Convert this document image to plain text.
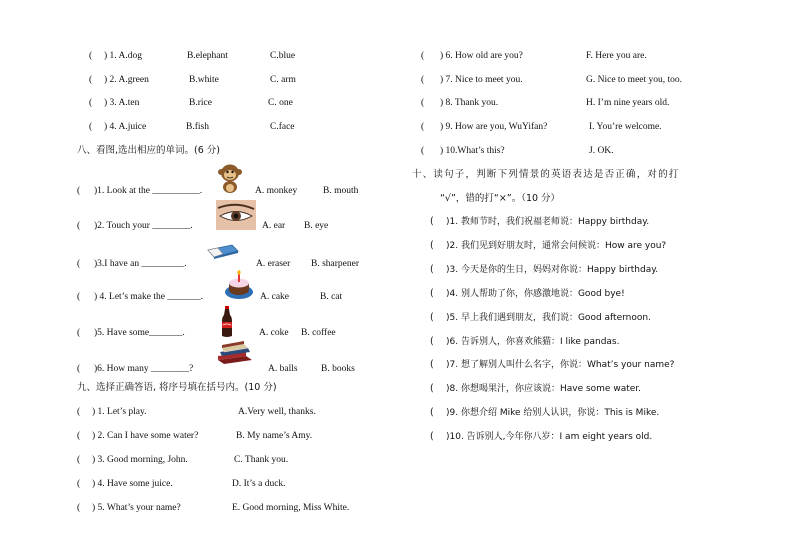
( ) 1. A.dog	B.elephant	C.blue
( ) 2. A.green	B.white	C. arm
( ) 3. A.ten	B.rice	C. one
( ) 4. A.juice	B.fish	C.face
八、看图,选出相应的单词。(6 分)
( )1. Look at the __________.	A. monkey	B. mouth
( )2. Touch your ________.	A. ear B. eye
( )3.I have an _________.	A. eraser B. sharpener
( ) 4. Let’s make the _______.	A. cake	B. cat
( )5. Have some_______.	A. coke B. coffee
( )6. How many ________?	A. balls B. books
九、选择正确答语, 将序号填在括号内。(10 分)
( ) 1. Let’s play.	A.Very well, thanks.
( ) 2. Can I have some water?	B. My name’s Amy.
( ) 3. Good morning, John.	C. Thank you.
( ) 4. Have some juice.	D. It’s a duck.
( ) 5. What’s your name?	E. Good morning, Miss White.
( ) 6. How old are you?	F. Here you are.
( ) 7. Nice to meet you.	G. Nice to meet you, too.
( ) 8. Thank you.	H. I’m nine years old.
( ) 9. How are you, WuYifan?	I. You’re welcome.
( ) 10.What’s this?	J. OK.
十、读句子，判断下列情景的英语表达是否正确，对的打
“√”，错的打“×”。（10 分）
( )1. 教师节时，我们祝福老师说：Happy birthday.
( )2. 我们见到好朋友时，通常会问候说：How are you?
( )3. 今天是你的生日，妈妈对你说：Happy birthday.
( )4. 别人帮助了你，你感激地说：Good bye!
( )5. 早上我们遇到朋友，我们说：Good afternoon.
( )6. 告诉别人，你喜欢熊猫：I like pandas.
( )7. 想了解别人叫什么名字，你说：What’s your name?
( )8. 你想喝果汁，你应该说：Have some water.
( )9. 你想介绍 Mike 给别人认识，你说：This is Mike.
( )10. 告诉别人,今年你八岁：I am eight years old.
